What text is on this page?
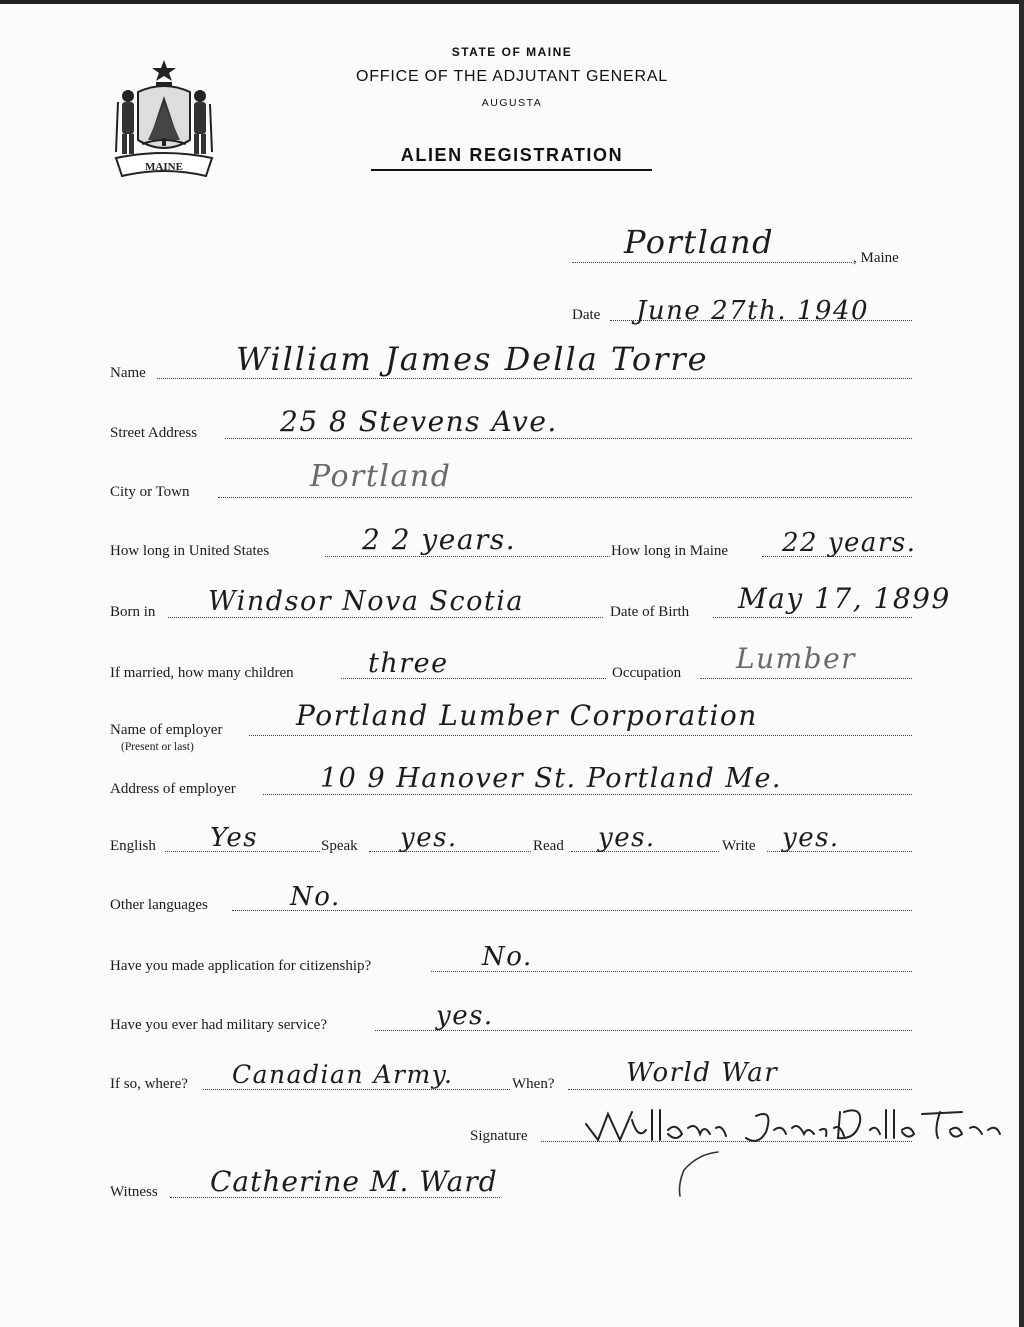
MAINE
STATE OF MAINE
OFFICE OF THE ADJUTANT GENERAL
AUGUSTA
ALIEN REGISTRATION
Portland	, Maine
Date June 27th. 1940
Name	William James Della Torre
Street Address	25 8 Stevens Ave.
City or Town	Portland
How long in United States	2 2 years.	How long in Maine 22 years.
Born in Windsor Nova Scotia	Date of Birth May 17, 1899
If married, how many children	three	Occupation Lumber
Name of employer
(Present or last)
Portland Lumber Corporation
Address of employer	10 9 Hanover St. Portland Me.
English Yes	Speak yes.	Read yes.	Write yes.
Other languages	No.
Have you made application for citizenship?	No.
Have you ever had military service?	yes.
If so, where? Canadian Army.	When?	World War
Signature
Witness Catherine M. Ward
